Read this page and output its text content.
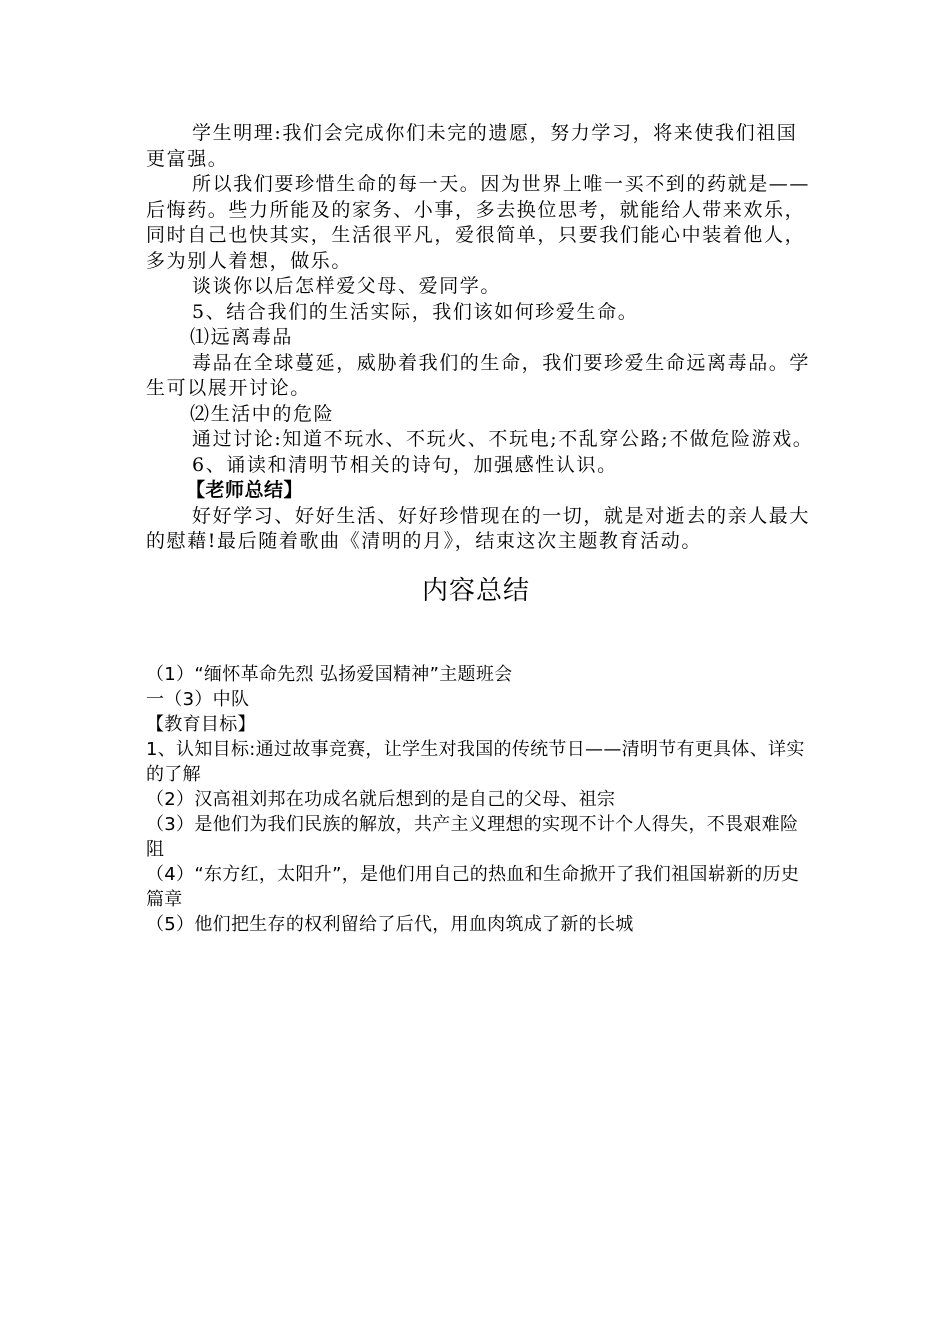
学生明理:我们会完成你们未完的遗愿，努力学习，将来使我们祖国更富强。

所以我们要珍惜生命的每一天。因为世界上唯一买不到的药就是——后悔药。些力所能及的家务、小事，多去换位思考，就能给人带来欢乐，同时自己也快其实，生活很平凡，爱很简单，只要我们能心中装着他人，多为别人着想，做乐。

谈谈你以后怎样爱父母、爱同学。

5、结合我们的生活实际，我们该如何珍爱生命。

⑴远离毒品

毒品在全球蔓延，威胁着我们的生命，我们要珍爱生命远离毒品。学生可以展开讨论。

⑵生活中的危险

通过讨论:知道不玩水、不玩火、不玩电;不乱穿公路;不做危险游戏。

6、诵读和清明节相关的诗句，加强感性认识。

【老师总结】

好好学习、好好生活、好好珍惜现在的一切，就是对逝去的亲人最大的慰藉!最后随着歌曲《清明的月》，结束这次主题教育活动。

内容总结

（1）“缅怀革命先烈 弘扬爱国精神”主题班会

一（3）中队

【教育目标】

1、认知目标:通过故事竞赛，让学生对我国的传统节日——清明节有更具体、详实的了解

（2）汉高祖刘邦在功成名就后想到的是自己的父母、祖宗

（3）是他们为我们民族的解放，共产主义理想的实现不计个人得失，不畏艰难险阻

（4）“东方红，太阳升”，是他们用自己的热血和生命掀开了我们祖国崭新的历史篇章

（5）他们把生存的权利留给了后代，用血肉筑成了新的长城
